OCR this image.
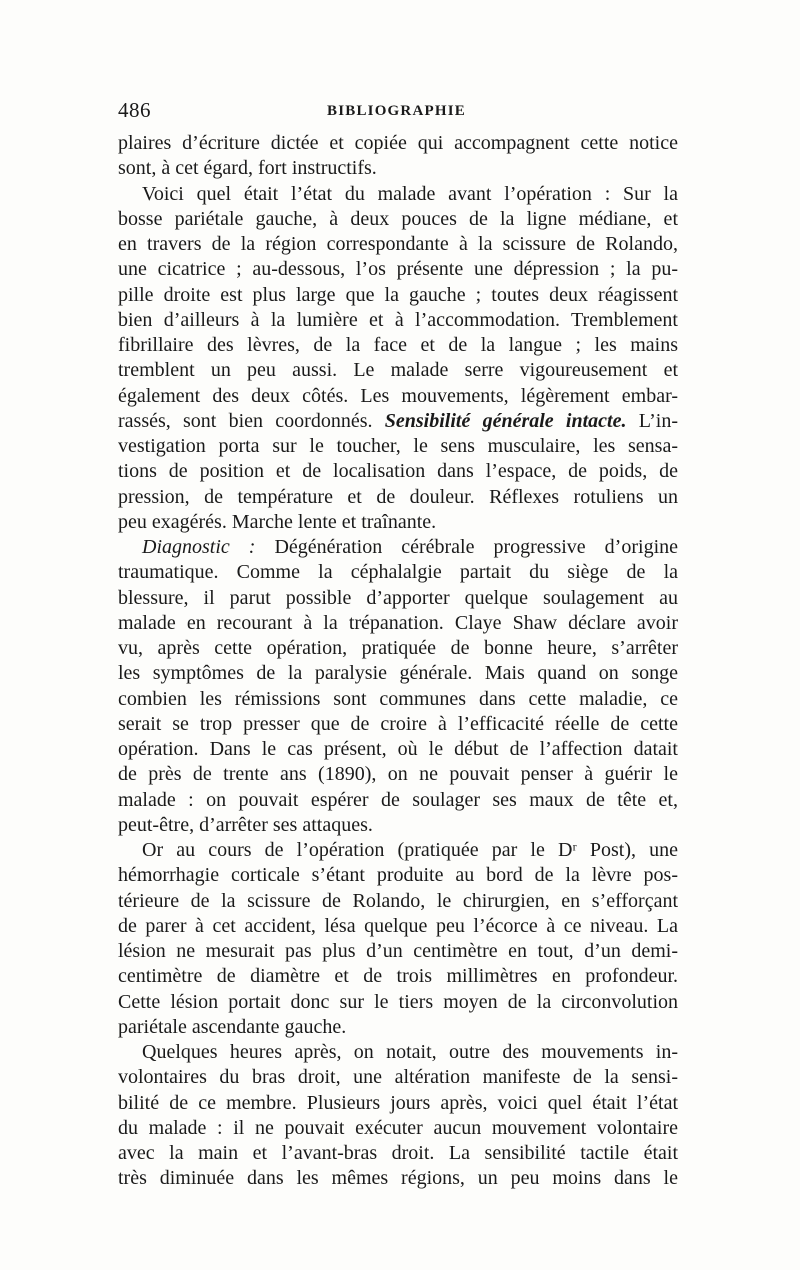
486	BIBLIOGRAPHIE
plaires d’écriture dictée et copiée qui accompagnent cette notice
sont, à cet égard, fort instructifs.
Voici quel était l’état du malade avant l’opération : Sur la
bosse pariétale gauche, à deux pouces de la ligne médiane, et
en travers de la région correspondante à la scissure de Rolando,
une cicatrice ; au-dessous, l’os présente une dépression ; la pu-
pille droite est plus large que la gauche ; toutes deux réagissent
bien d’ailleurs à la lumière et à l’accommodation. Tremblement
fibrillaire des lèvres, de la face et de la langue ; les mains
tremblent un peu aussi. Le malade serre vigoureusement et
également des deux côtés. Les mouvements, légèrement embar-
rassés, sont bien coordonnés. Sensibilité générale intacte. L’in-
vestigation porta sur le toucher, le sens musculaire, les sensa-
tions de position et de localisation dans l’espace, de poids, de
pression, de température et de douleur. Réflexes rotuliens un
peu exagérés. Marche lente et traînante.
Diagnostic : Dégénération cérébrale progressive d’origine
traumatique. Comme la céphalalgie partait du siège de la
blessure, il parut possible d’apporter quelque soulagement au
malade en recourant à la trépanation. Claye Shaw déclare avoir
vu, après cette opération, pratiquée de bonne heure, s’arrêter
les symptômes de la paralysie générale. Mais quand on songe
combien les rémissions sont communes dans cette maladie, ce
serait se trop presser que de croire à l’efficacité réelle de cette
opération. Dans le cas présent, où le début de l’affection datait
de près de trente ans (1890), on ne pouvait penser à guérir le
malade : on pouvait espérer de soulager ses maux de tête et,
peut-être, d’arrêter ses attaques.
Or au cours de l’opération (pratiquée par le Dʳ Post), une
hémorrhagie corticale s’étant produite au bord de la lèvre pos-
térieure de la scissure de Rolando, le chirurgien, en s’efforçant
de parer à cet accident, lésa quelque peu l’écorce à ce niveau. La
lésion ne mesurait pas plus d’un centimètre en tout, d’un demi-
centimètre de diamètre et de trois millimètres en profondeur.
Cette lésion portait donc sur le tiers moyen de la circonvolution
pariétale ascendante gauche.
Quelques heures après, on notait, outre des mouvements in-
volontaires du bras droit, une altération manifeste de la sensi-
bilité de ce membre. Plusieurs jours après, voici quel était l’état
du malade : il ne pouvait exécuter aucun mouvement volontaire
avec la main et l’avant-bras droit. La sensibilité tactile était
très diminuée dans les mêmes régions, un peu moins dans le
